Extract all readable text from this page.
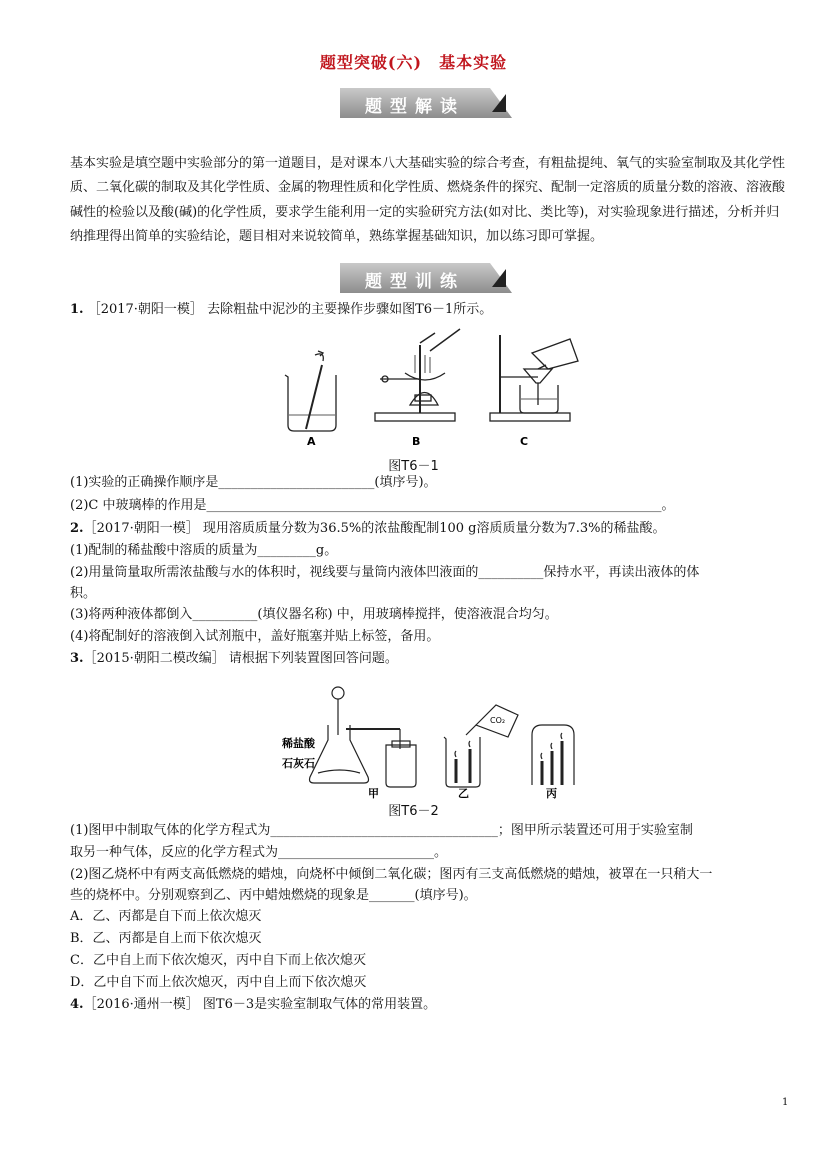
题型突破(六)　基本实验
题型解读
基本实验是填空题中实验部分的第一道题目，是对课本八大基础实验的综合考查，有粗盐提纯、氧气的实验室制取及其化学性质、二氧化碳的制取及其化学性质、金属的物理性质和化学性质、燃烧条件的探究、配制一定溶质的质量分数的溶液、溶液酸碱性的检验以及酸(碱)的化学性质，要求学生能利用一定的实验研究方法(如对比、类比等)，对实验现象进行描述，分析并归纳推理得出简单的实验结论，题目相对来说较简单，熟练掌握基础知识，加以练习即可掌握。
题型训练
1. ［2017·朝阳一模］ 去除粗盐中泥沙的主要操作步骤如图T6－1所示。
A	B	C
图T6－1
(1)实验的正确操作顺序是________________________(填序号)。
(2)C 中玻璃棒的作用是______________________________________________________________________。
2.［2017·朝阳一模］ 现用溶质质量分数为36.5%的浓盐酸配制100 g溶质质量分数为7.3%的稀盐酸。
(1)配制的稀盐酸中溶质的质量为_________g。
(2)用量筒量取所需浓盐酸与水的体积时，视线要与量筒内液体凹液面的__________保持水平，再读出液体的体
积。
(3)将两种液体都倒入__________(填仪器名称) 中，用玻璃棒搅拌，使溶液混合均匀。
(4)将配制好的溶液倒入试剂瓶中，盖好瓶塞并贴上标签，备用。
3.［2015·朝阳二模改编］ 请根据下列装置图回答问题。
稀盐酸
石灰石
CO₂
甲	乙	丙
图T6－2
(1)图甲中制取气体的化学方程式为___________________________________；图甲所示装置还可用于实验室制
取另一种气体，反应的化学方程式为________________________。
(2)图乙烧杯中有两支高低燃烧的蜡烛，向烧杯中倾倒二氧化碳；图丙有三支高低燃烧的蜡烛，被罩在一只稍大一
些的烧杯中。分别观察到乙、丙中蜡烛燃烧的现象是_______(填序号)。
A．乙、丙都是自下而上依次熄灭
B．乙、丙都是自上而下依次熄灭
C．乙中自上而下依次熄灭，丙中自下而上依次熄灭
D．乙中自下而上依次熄灭，丙中自上而下依次熄灭
4.［2016·通州一模］ 图T6－3是实验室制取气体的常用装置。
1
